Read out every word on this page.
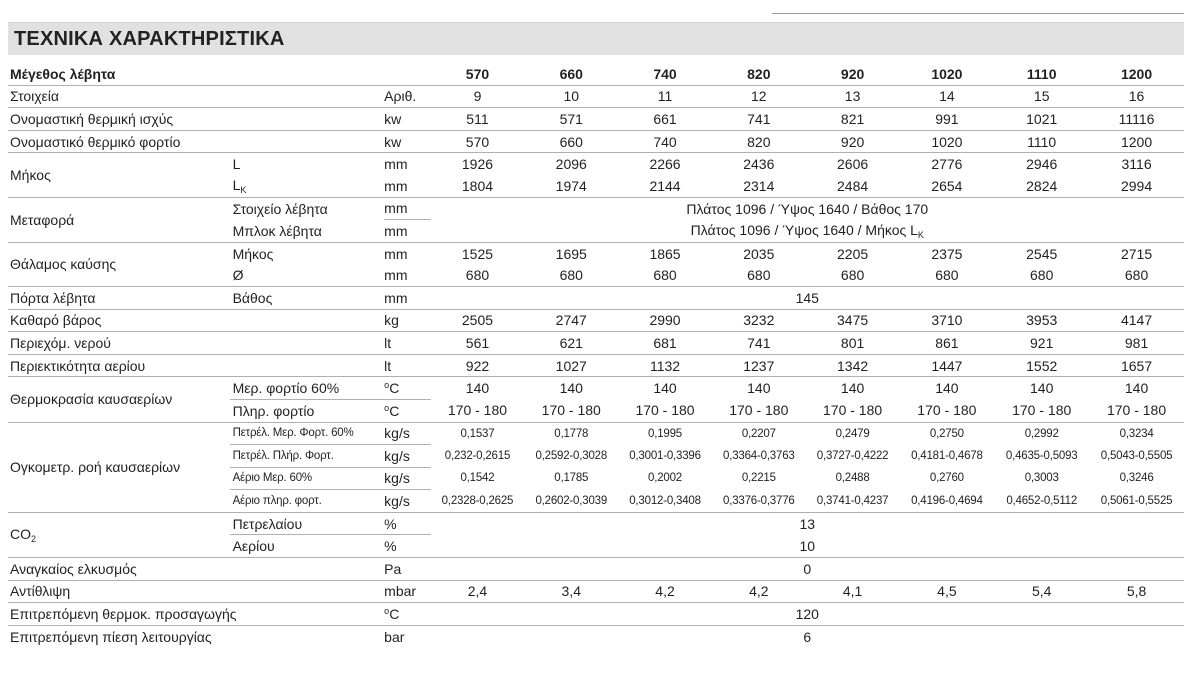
ΤΕΧΝΙΚΑ ΧΑΡΑΚΤΗΡΙΣΤΙΚΑ
Μέγεθος λέβητα			570	660	740	820	920	1020	1110	1200
Στοιχεία		Αριθ.	9	10	11	12	13	14	15	16
Ονομαστική θερμική ισχύς		kw	511	571	661	741	821	991	1021	11116
Ονομαστικό θερμικό φορτίο		kw	570	660	740	820	920	1020	1110	1200
Μήκος	L	mm	1926	2096	2266	2436	2606	2776	2946	3116
	$L_K$	mm	1804	1974	2144	2314	2484	2654	2824	2994
Μεταφορά	Στοιχείο λέβητα	mm	Πλάτος 1096 / Ύψος 1640 / Βάθος 170							
	Μπλοκ λέβητα	mm	Πλάτος 1096 / Ύψος 1640 / Μήκος $L_K$
Θάλαμος καύσης	Μήκος	mm	1525	1695	1865	2035	2205	2375	2545	2715
	Ø	mm	680	680	680	680	680	680	680	680
Πόρτα λέβητα	Βάθος	mm	145							
Καθαρό βάρος		kg	2505	2747	2990	3232	3475	3710	3953	4147
Περιεχόμ. νερού		lt	561	621	681	741	801	861	921	981
Περιεκτικότητα αερίου		lt	922	1027	1132	1237	1342	1447	1552	1657
Θερμοκρασία καυσαερίων	Μερ. φορτίο 60%	$^o$C	140	140	140	140	140	140	140	140
	Πληρ. φορτίο	$^o$C	170 - 180	170 - 180	170 - 180	170 - 180	170 - 180	170 - 180	170 - 180	170 - 180
Ογκομετρ. ροή καυσαερίων	Πετρέλ. Μερ. Φορτ. 60%	kg/s	0,1537	0,1778	0,1995	0,2207	0,2479	0,2750	0,2992	0,3234
	Πετρέλ. Πλήρ. Φορτ.	kg/s	0,232-0,2615	0,2592-0,3028	0,3001-0,3396	0,3364-0,3763	0,3727-0,4222	0,4181-0,4678	0,4635-0,5093	0,5043-0,5505
	Αέριο Μερ. 60%	kg/s	0,1542	0,1785	0,2002	0,2215	0,2488	0,2760	0,3003	0,3246
	Αέριο πληρ. φορτ.	kg/s	0,2328-0,2625	0,2602-0,3039	0,3012-0,3408	0,3376-0,3776	0,3741-0,4237	0,4196-0,4694	0,4652-0,5112	0,5061-0,5525
$CO_2$	Πετρελαίου	%	13							
	Αερίου	%	10							
Αναγκαίος ελκυσμός		Pa	0							
Αντίθλιψη		mbar	2,4	3,4	4,2	4,2	4,1	4,5	5,4	5,8
Επιτρεπόμενη θερμοκ. προσαγωγής		$^o$C	120							
Επιτρεπόμενη πίεση λειτουργίας		bar	6							
